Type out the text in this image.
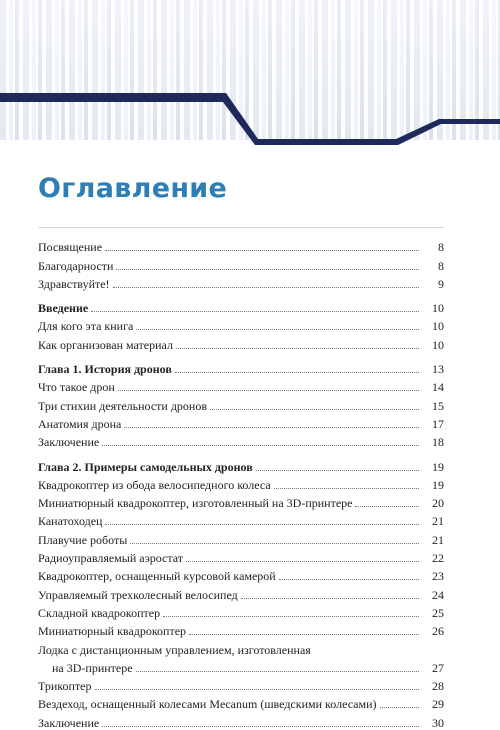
Оглавление
Посвящение	8
Благодарности	8
Здравствуйте!	9
Введение	10
Для кого эта книга	10
Как организован материал	10
Глава 1. История дронов	13
Что такое дрон	14
Три стихии деятельности дронов	15
Анатомия дрона	17
Заключение	18
Глава 2. Примеры самодельных дронов	19
Квадрокоптер из обода велосипедного колеса	19
Миниатюрный квадрокоптер, изготовленный на 3D-принтере	20
Канатоходец	21
Плавучие роботы	21
Радиоуправляемый аэростат	22
Квадрокоптер, оснащенный курсовой камерой	23
Управляемый трехколесный велосипед	24
Складной квадрокоптер	25
Миниатюрный квадрокоптер	26
Лодка с дистанционным управлением, изготовленная
на 3D-принтере	27
Трикоптер	28
Вездеход, оснащенный колесами Mecanum (шведскими колесами)	29
Заключение	30
